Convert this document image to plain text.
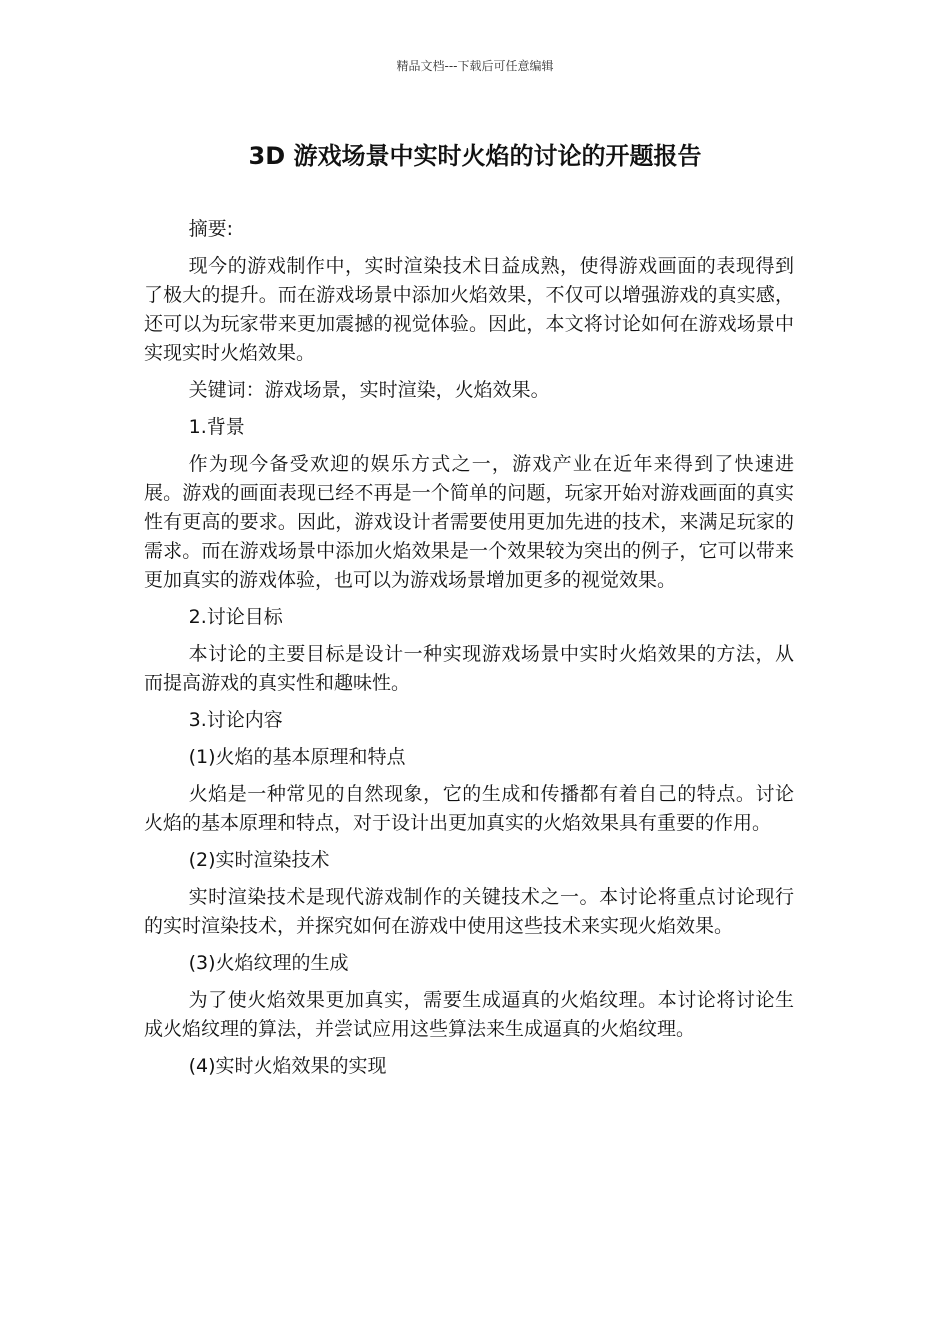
精品文档---下载后可任意编辑
3D 游戏场景中实时火焰的讨论的开题报告

摘要:

现今的游戏制作中，实时渲染技术日益成熟，使得游戏画面的表现得到了极大的提升。而在游戏场景中添加火焰效果，不仅可以增强游戏的真实感，还可以为玩家带来更加震撼的视觉体验。因此，本文将讨论如何在游戏场景中实现实时火焰效果。

关键词：游戏场景，实时渲染，火焰效果。

1.背景

作为现今备受欢迎的娱乐方式之一，游戏产业在近年来得到了快速进展。游戏的画面表现已经不再是一个简单的问题，玩家开始对游戏画面的真实性有更高的要求。因此，游戏设计者需要使用更加先进的技术，来满足玩家的需求。而在游戏场景中添加火焰效果是一个效果较为突出的例子，它可以带来更加真实的游戏体验，也可以为游戏场景增加更多的视觉效果。

2.讨论目标

本讨论的主要目标是设计一种实现游戏场景中实时火焰效果的方法，从而提高游戏的真实性和趣味性。

3.讨论内容

(1)火焰的基本原理和特点

火焰是一种常见的自然现象，它的生成和传播都有着自己的特点。讨论火焰的基本原理和特点，对于设计出更加真实的火焰效果具有重要的作用。

(2)实时渲染技术

实时渲染技术是现代游戏制作的关键技术之一。本讨论将重点讨论现行的实时渲染技术，并探究如何在游戏中使用这些技术来实现火焰效果。

(3)火焰纹理的生成

为了使火焰效果更加真实，需要生成逼真的火焰纹理。本讨论将讨论生成火焰纹理的算法，并尝试应用这些算法来生成逼真的火焰纹理。

(4)实时火焰效果的实现
